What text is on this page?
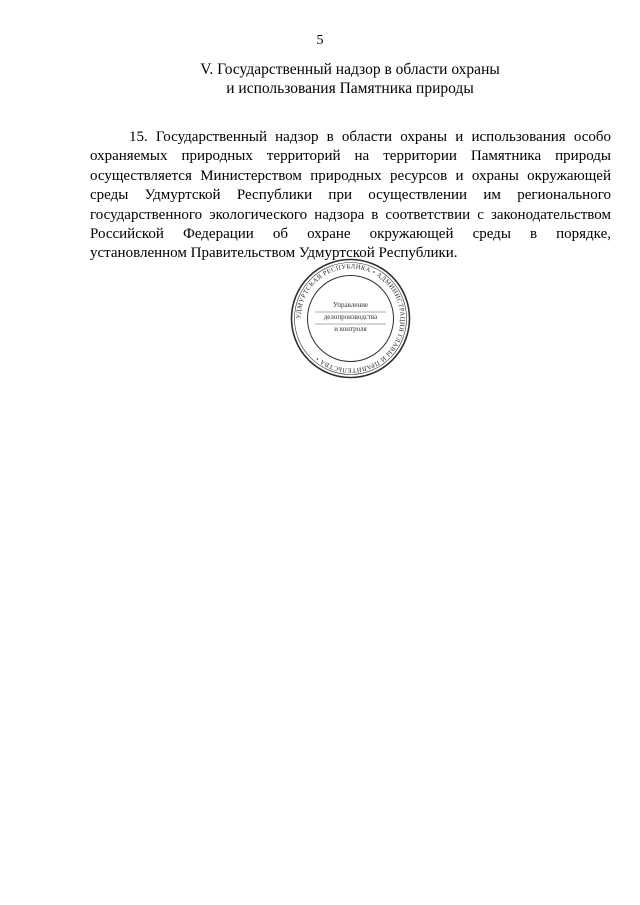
5
V. Государственный надзор в области охраны
и использования Памятника природы
15. Государственный надзор в области охраны и использования особо
охраняемых природных территорий на территории Памятника природы
осуществляется Министерством природных ресурсов и охраны окружающей
среды Удмуртской Республики при осуществлении им регионального
государственного экологического надзора в соответствии с законодательством
Российской Федерации об охране окружающей среды в порядке,
установленном Правительством Удмуртской Республики.
УДМУРТСКАЯ РЕСПУБЛИКА • АДМИНИСТРАЦИЯ ГЛАВЫ И ПРАВИТЕЛЬСТВА •
Управление
делопроизводства
и контроля
